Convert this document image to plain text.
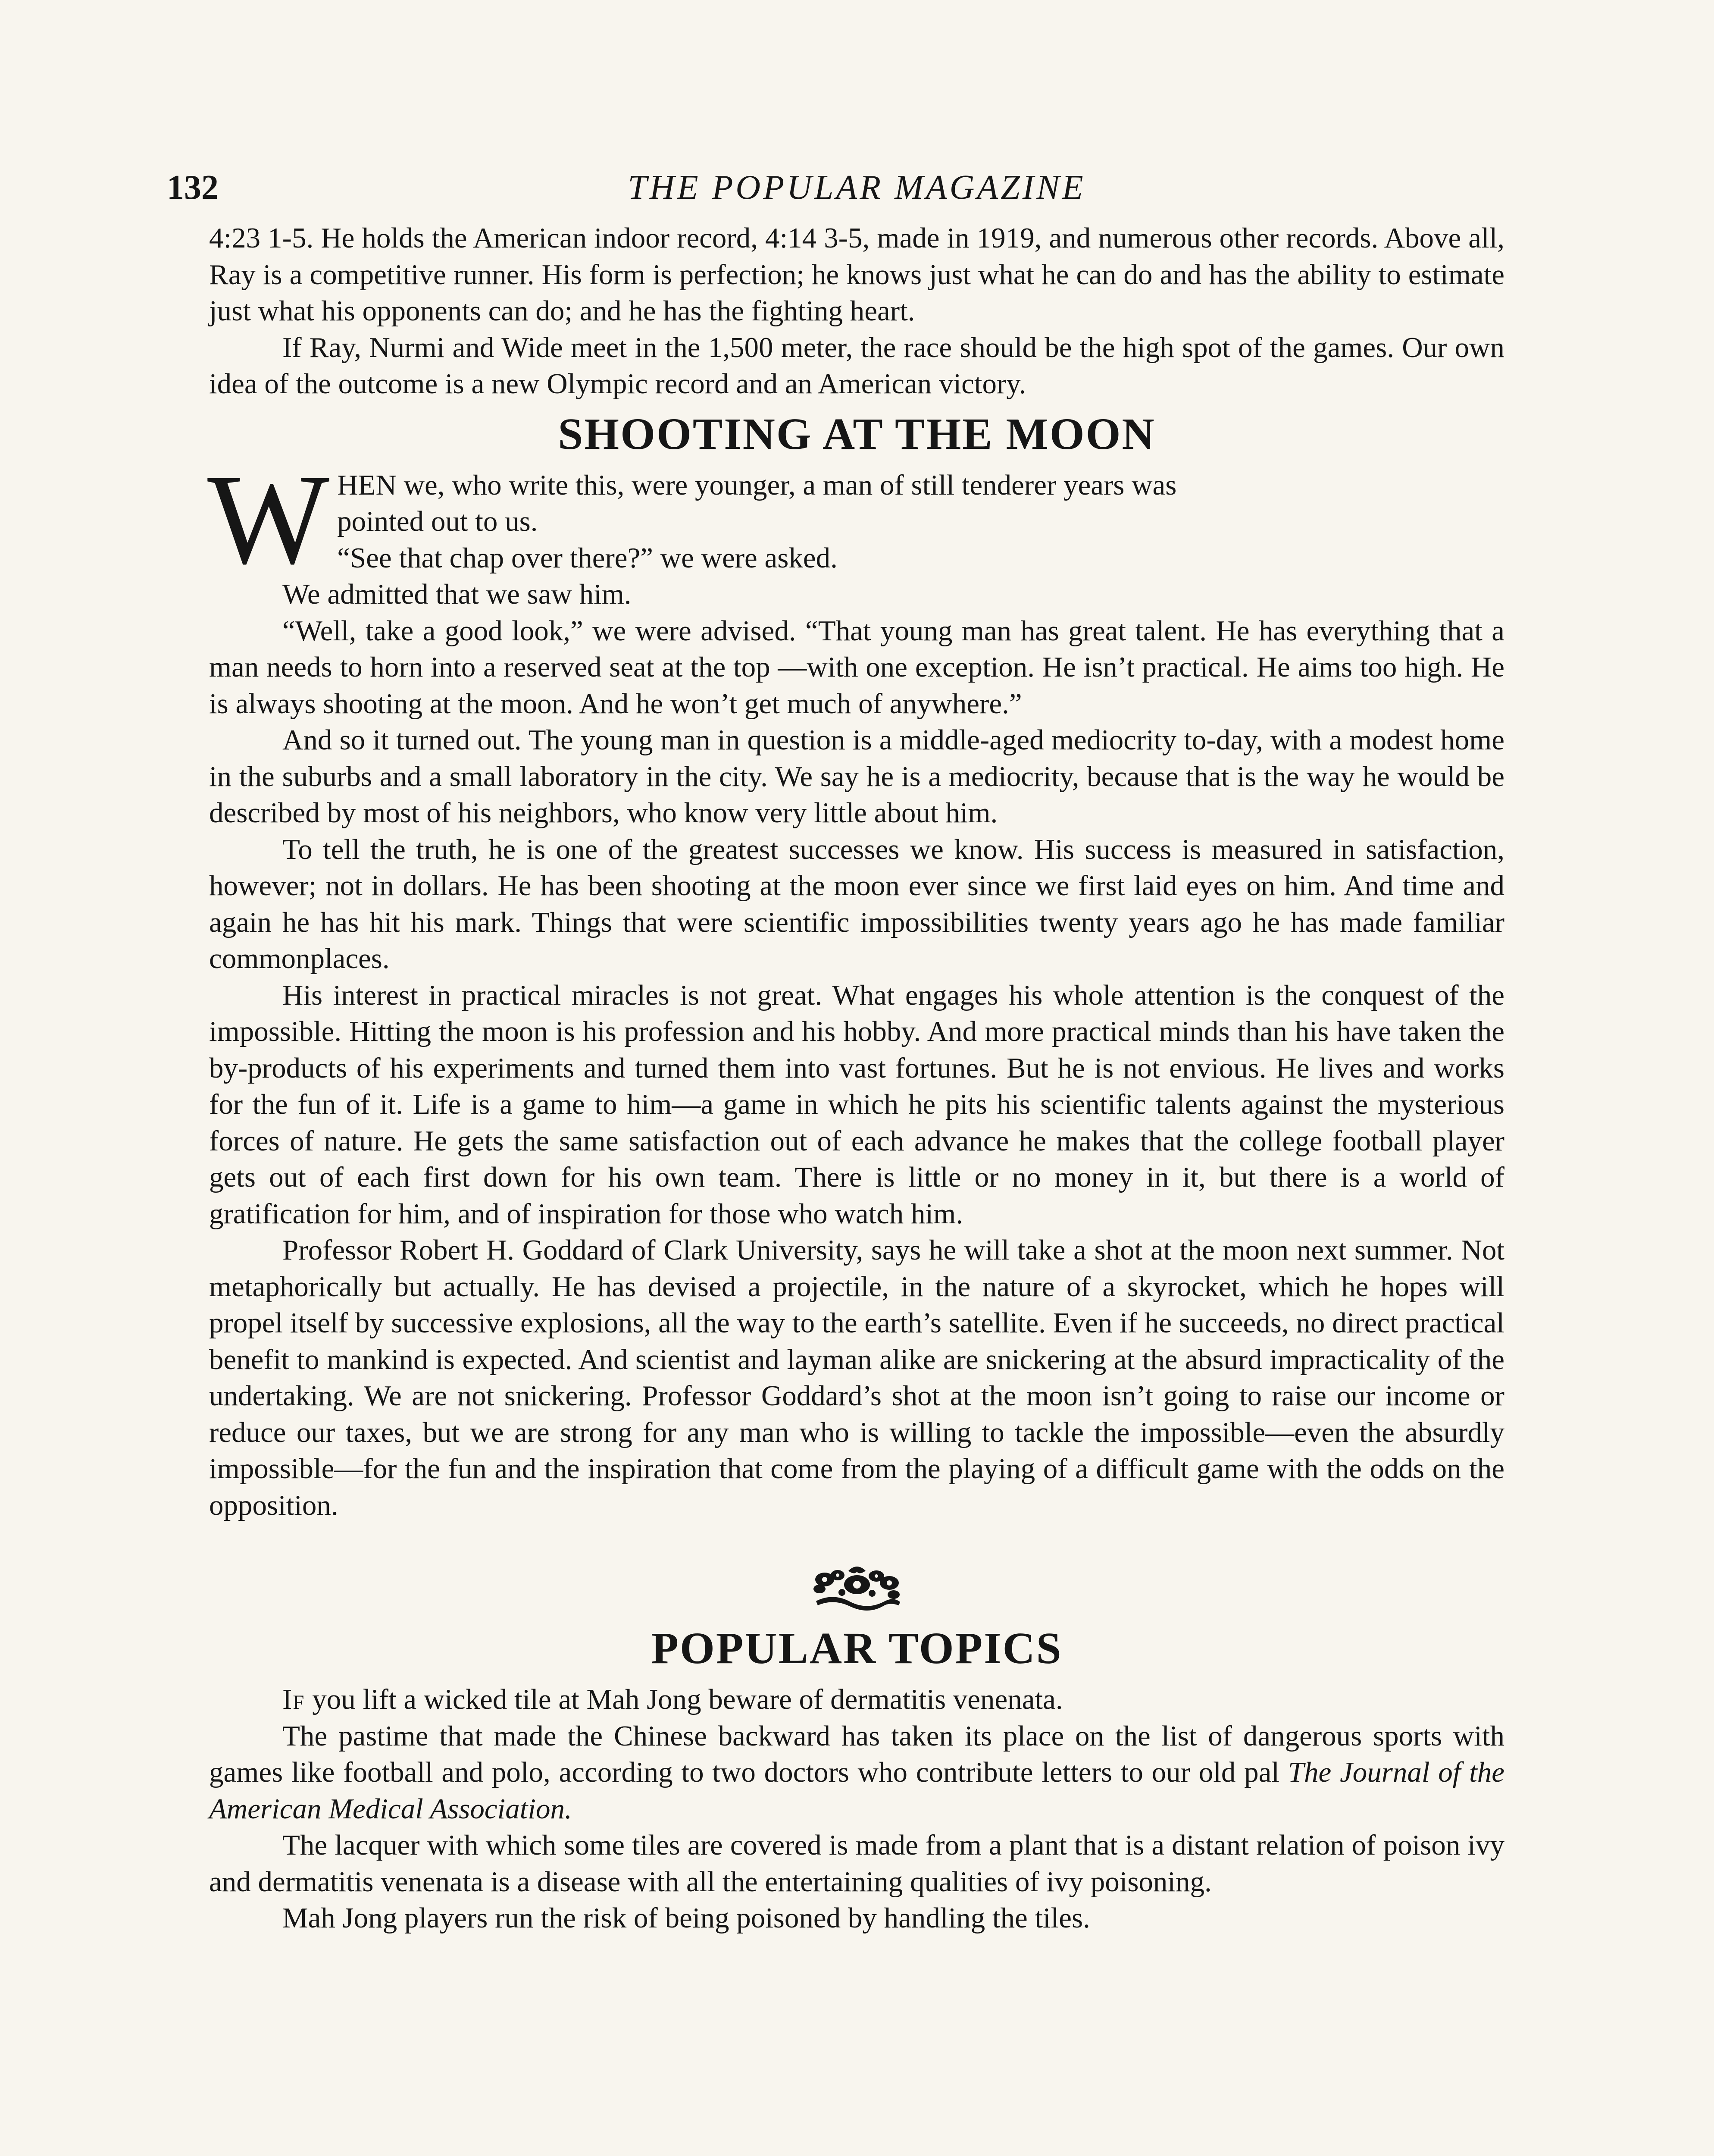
132	THE POPULAR MAGAZINE

4:23 1-5. He holds the American indoor record, 4:14 3-5, made in 1919, and numerous other records. Above all, Ray is a competitive runner. His form is perfection; he knows just what he can do and has the ability to estimate just what his opponents can do; and he has the fighting heart.

If Ray, Nurmi and Wide meet in the 1,500 meter, the race should be the high spot of the games. Our own idea of the outcome is a new Olympic record and an American victory.

SHOOTING AT THE MOON
W HEN we, who write this, were younger, a man of still tenderer years was
pointed out to us.
“See that chap over there?” we were asked.
We admitted that we saw him.

“Well, take a good look,” we were advised. “That young man has great talent. He has everything that a man needs to horn into a reserved seat at the top —with one exception. He isn’t practical. He aims too high. He is always shooting at the moon. And he won’t get much of anywhere.”

And so it turned out. The young man in question is a middle-aged mediocrity to-day, with a modest home in the suburbs and a small laboratory in the city. We say he is a mediocrity, because that is the way he would be described by most of his neighbors, who know very little about him.

To tell the truth, he is one of the greatest successes we know. His success is measured in satisfaction, however; not in dollars. He has been shooting at the moon ever since we first laid eyes on him. And time and again he has hit his mark. Things that were scientific impossibilities twenty years ago he has made familiar commonplaces.

His interest in practical miracles is not great. What engages his whole attention is the conquest of the impossible. Hitting the moon is his profession and his hobby. And more practical minds than his have taken the by-products of his experiments and turned them into vast fortunes. But he is not envious. He lives and works for the fun of it. Life is a game to him—a game in which he pits his scientific talents against the mysterious forces of nature. He gets the same satisfaction out of each advance he makes that the college football player gets out of each first down for his own team. There is little or no money in it, but there is a world of gratification for him, and of inspiration for those who watch him.

Professor Robert H. Goddard of Clark University, says he will take a shot at the moon next summer. Not metaphorically but actually. He has devised a projectile, in the nature of a skyrocket, which he hopes will propel itself by successive explosions, all the way to the earth’s satellite. Even if he succeeds, no direct practical benefit to mankind is expected. And scientist and layman alike are snickering at the absurd impracticality of the undertaking. We are not snickering. Professor Goddard’s shot at the moon isn’t going to raise our income or reduce our taxes, but we are strong for any man who is willing to tackle the impossible—even the absurdly impossible—for the fun and the inspiration that come from the playing of a difficult game with the odds on the opposition.

POPULAR TOPICS

If you lift a wicked tile at Mah Jong beware of dermatitis venenata.

The pastime that made the Chinese backward has taken its place on the list of dangerous sports with games like football and polo, according to two doctors who contribute letters to our old pal The Journal of the American Medical Association.

The lacquer with which some tiles are covered is made from a plant that is a distant relation of poison ivy and dermatitis venenata is a disease with all the entertaining qualities of ivy poisoning.

Mah Jong players run the risk of being poisoned by handling the tiles.
